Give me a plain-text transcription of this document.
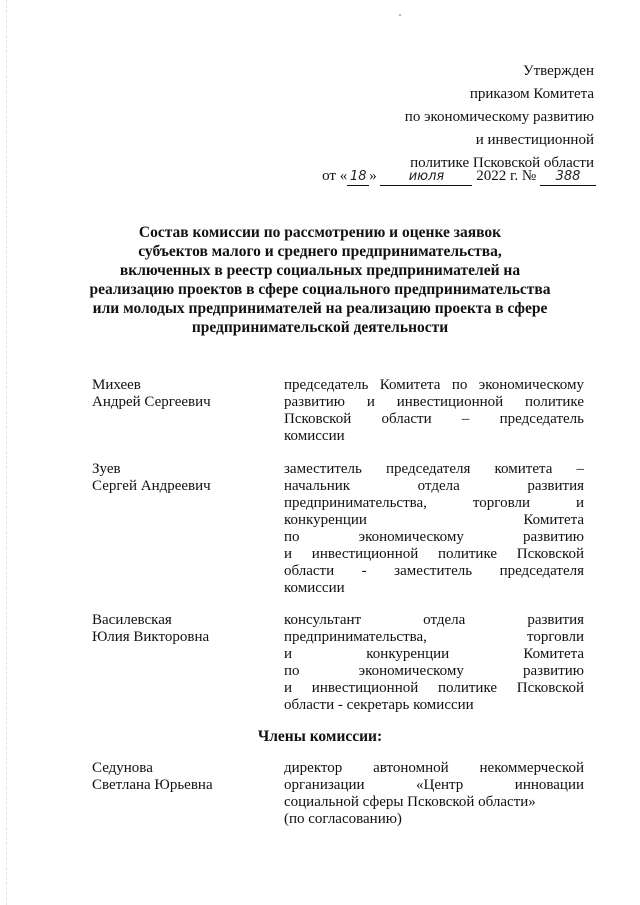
Утвержден
приказом Комитета
по экономическому развитию
и инвестиционной
политике Псковской области
от « 18 » июля 2022 г. № 388
Состав комиссии по рассмотрению и оценке заявок
субъектов малого и среднего предпринимательства,
включенных в реестр социальных предпринимателей на
реализацию проектов в сфере социального предпринимательства
или молодых предпринимателей на реализацию проекта в сфере
предпринимательской деятельности
Михеев
Андрей Сергеевич
председатель Комитета по экономическому
развитию и инвестиционной политике
Псковской области – председатель
комиссии
Зуев
Сергей Андреевич
заместитель председателя комитета –
начальник отдела развития
предпринимательства, торговли и
конкуренции Комитета
по экономическому развитию
и инвестиционной политике Псковской
области - заместитель председателя
комиссии
Василевская
Юлия Викторовна
консультант отдела развития
предпринимательства, торговли
и конкуренции Комитета
по экономическому развитию
и инвестиционной политике Псковской
области - секретарь комиссии
Члены комиссии:
Седунова
Светлана Юрьевна
директор автономной некоммерческой
организации «Центр инновации
социальной сферы Псковской области»
(по согласованию)
